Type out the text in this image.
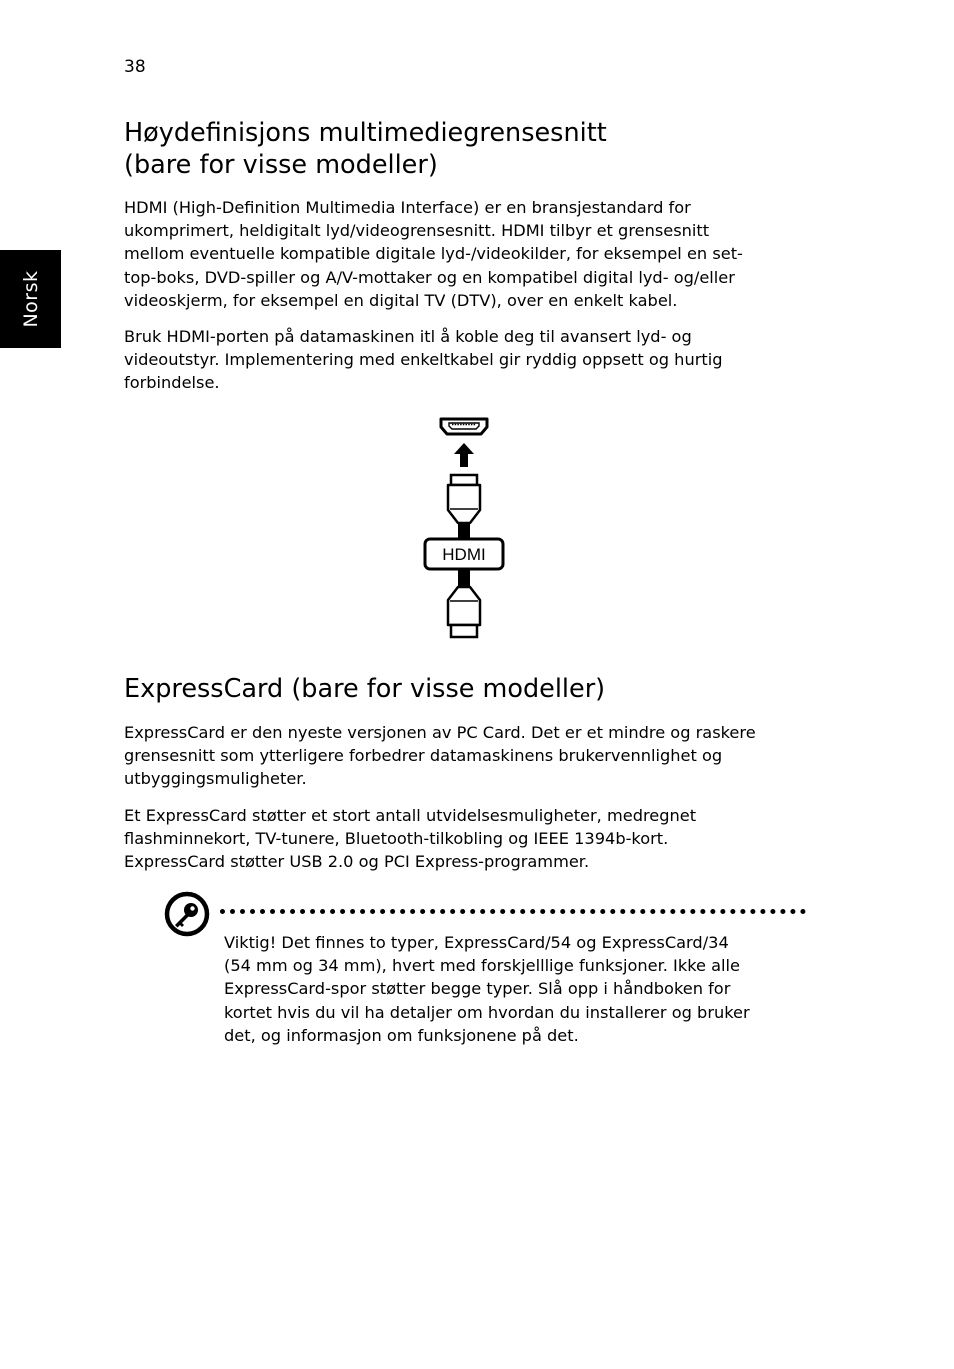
38
Norsk
Høydefinisjons multimediegrensesnitt
(bare for visse modeller)

HDMI (High-Definition Multimedia Interface) er en bransjestandard for
ukomprimert, heldigitalt lyd/videogrensesnitt. HDMI tilbyr et grensesnitt
mellom eventuelle kompatible digitale lyd-/videokilder, for eksempel en set-
top-boks, DVD-spiller og A/V-mottaker og en kompatibel digital lyd- og/eller
videoskjerm, for eksempel en digital TV (DTV), over en enkelt kabel.

Bruk HDMI-porten på datamaskinen itl å koble deg til avansert lyd- og
videoutstyr. Implementering med enkeltkabel gir ryddig oppsett og hurtig
forbindelse.

HDMI
ExpressCard (bare for visse modeller)

ExpressCard er den nyeste versjonen av PC Card. Det er et mindre og raskere
grensesnitt som ytterligere forbedrer datamaskinens brukervennlighet og
utbyggingsmuligheter.

Et ExpressCard støtter et stort antall utvidelsesmuligheter, medregnet
flashminnekort, TV-tunere, Bluetooth-tilkobling og IEEE 1394b-kort.
ExpressCard støtter USB 2.0 og PCI Express-programmer.

Viktig! Det finnes to typer, ExpressCard/54 og ExpressCard/34
(54 mm og 34 mm), hvert med forskjelllige funksjoner. Ikke alle
ExpressCard-spor støtter begge typer. Slå opp i håndboken for
kortet hvis du vil ha detaljer om hvordan du installerer og bruker
det, og informasjon om funksjonene på det.
